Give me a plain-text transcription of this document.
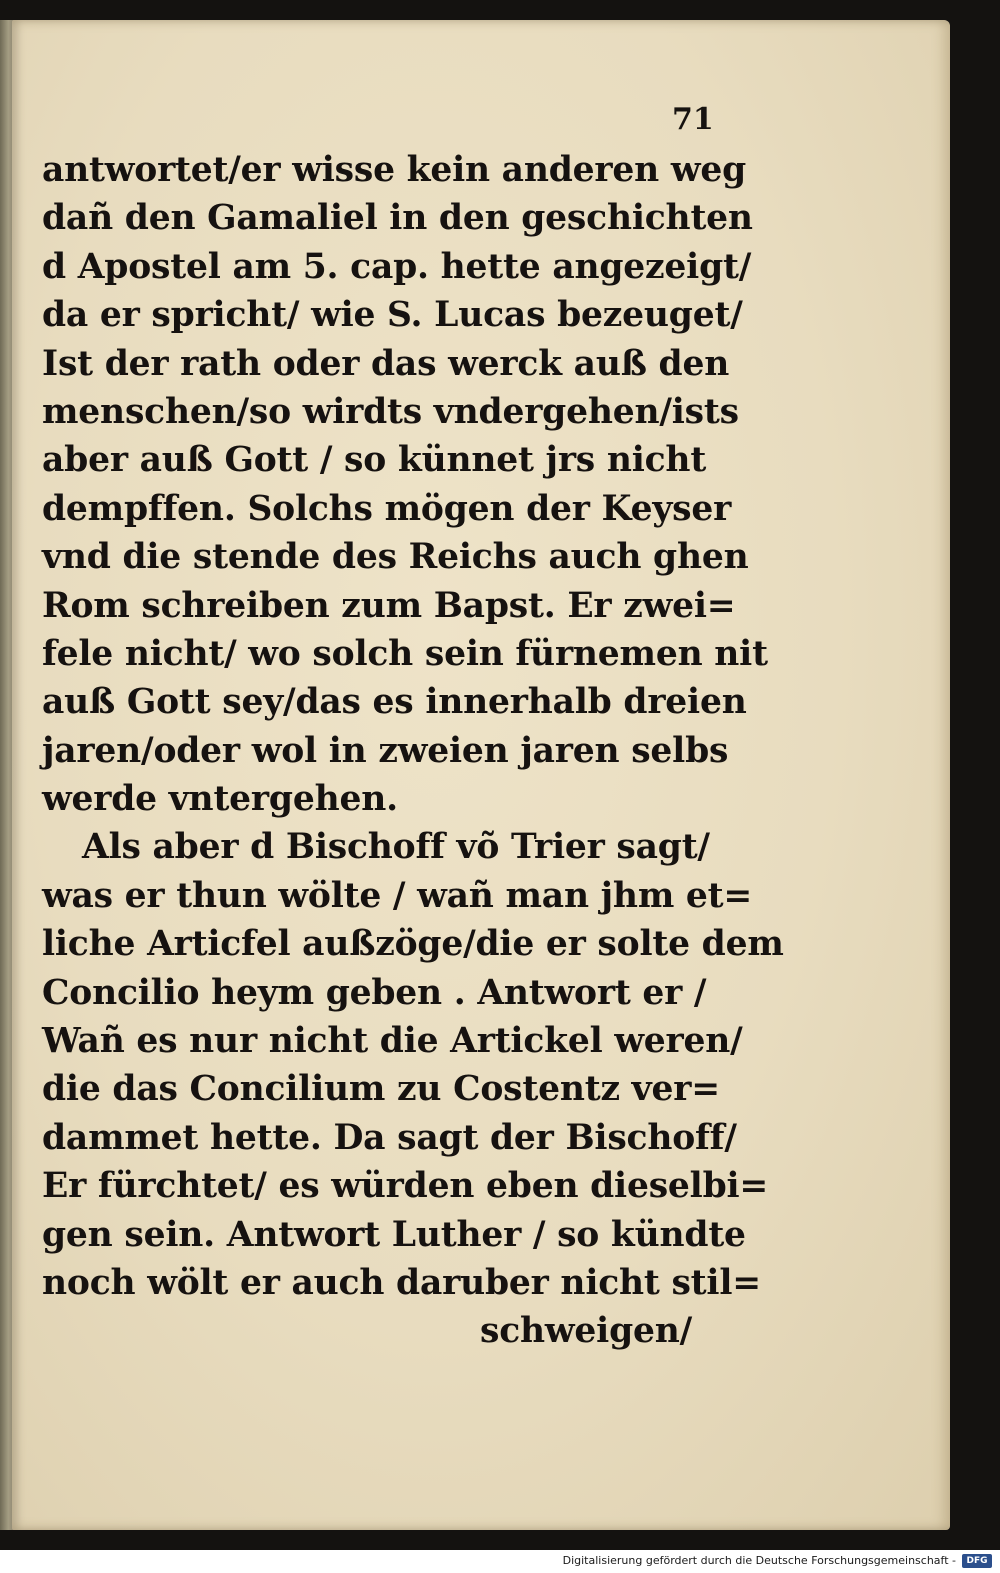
71
antwortet/er wisse kein anderen weg
dañ den Gamaliel in den geschichten
d Apostel am 5. cap. hette angezeigt/
da er spricht/ wie S. Lucas bezeuget/
Ist der rath oder das werck auß den
menschen/so wirdts vndergehen/ists
aber auß Gott / so künnet jrs nicht
dempffen. Solchs mögen der Keyser
vnd die stende des Reichs auch ghen
Rom schreiben zum Bapst. Er zwei=
fele nicht/ wo solch sein fürnemen nit
auß Gott sey/das es innerhalb dreien
jaren/oder wol in zweien jaren selbs
werde vntergehen.
Als aber d Bischoff võ Trier sagt/
was er thun wölte / wañ man jhm et=
liche Articfel außzöge/die er solte dem
Concilio heym geben . Antwort er /
Wañ es nur nicht die Artickel weren/
die das Concilium zu Costentz ver=
dammet hette. Da sagt der Bischoff/
Er fürchtet/ es würden eben dieselbi=
gen sein. Antwort Luther / so kündte
noch wölt er auch daruber nicht stil=
schweigen/
Digitalisierung gefördert durch die Deutsche Forschungsgemeinschaft -	DFG
